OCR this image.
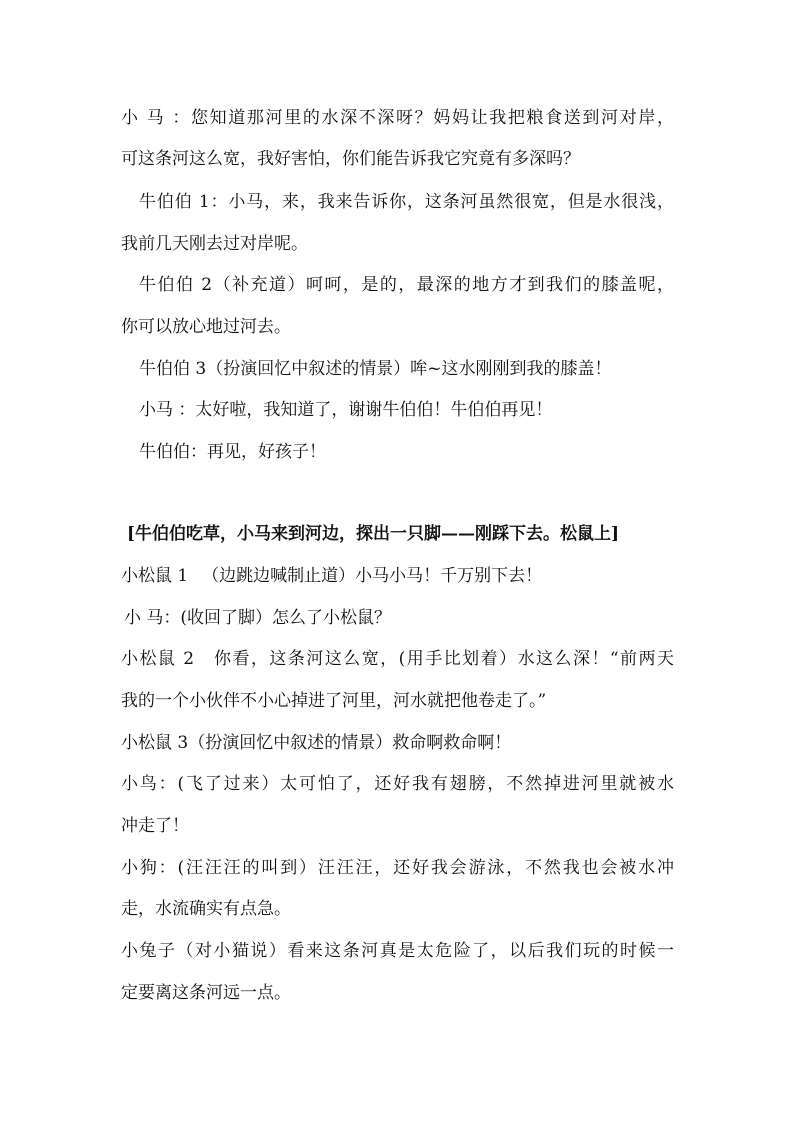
小 马 ：您知道那河里的水深不深呀？妈妈让我把粮食送到河对岸，
可这条河这么宽，我好害怕，你们能告诉我它究竟有多深吗？
牛伯伯 1：小马，来，我来告诉你，这条河虽然很宽，但是水很浅，
我前几天刚去过对岸呢。
牛伯伯 2（补充道）呵呵，是的，最深的地方才到我们的膝盖呢，
你可以放心地过河去。
牛伯伯 3（扮演回忆中叙述的情景）哞~这水刚刚到我的膝盖！
小马 ：太好啦，我知道了，谢谢牛伯伯！牛伯伯再见！
牛伯伯：再见，好孩子！
[牛伯伯吃草，小马来到河边，探出一只脚——刚踩下去。松鼠上]
小松鼠 1 　（边跳边喊制止道）小马小马！千万别下去！
小 马：(收回了脚）怎么了小松鼠？
小松鼠 2　你看，这条河这么宽，(用手比划着）水这么深！“前两天
我的一个小伙伴不小心掉进了河里，河水就把他卷走了。”
小松鼠 3（扮演回忆中叙述的情景）救命啊救命啊！
小鸟：(飞了过来）太可怕了，还好我有翅膀，不然掉进河里就被水
冲走了！
小狗：(汪汪汪的叫到）汪汪汪，还好我会游泳，不然我也会被水冲
走，水流确实有点急。
小兔子（对小猫说）看来这条河真是太危险了，以后我们玩的时候一
定要离这条河远一点。
